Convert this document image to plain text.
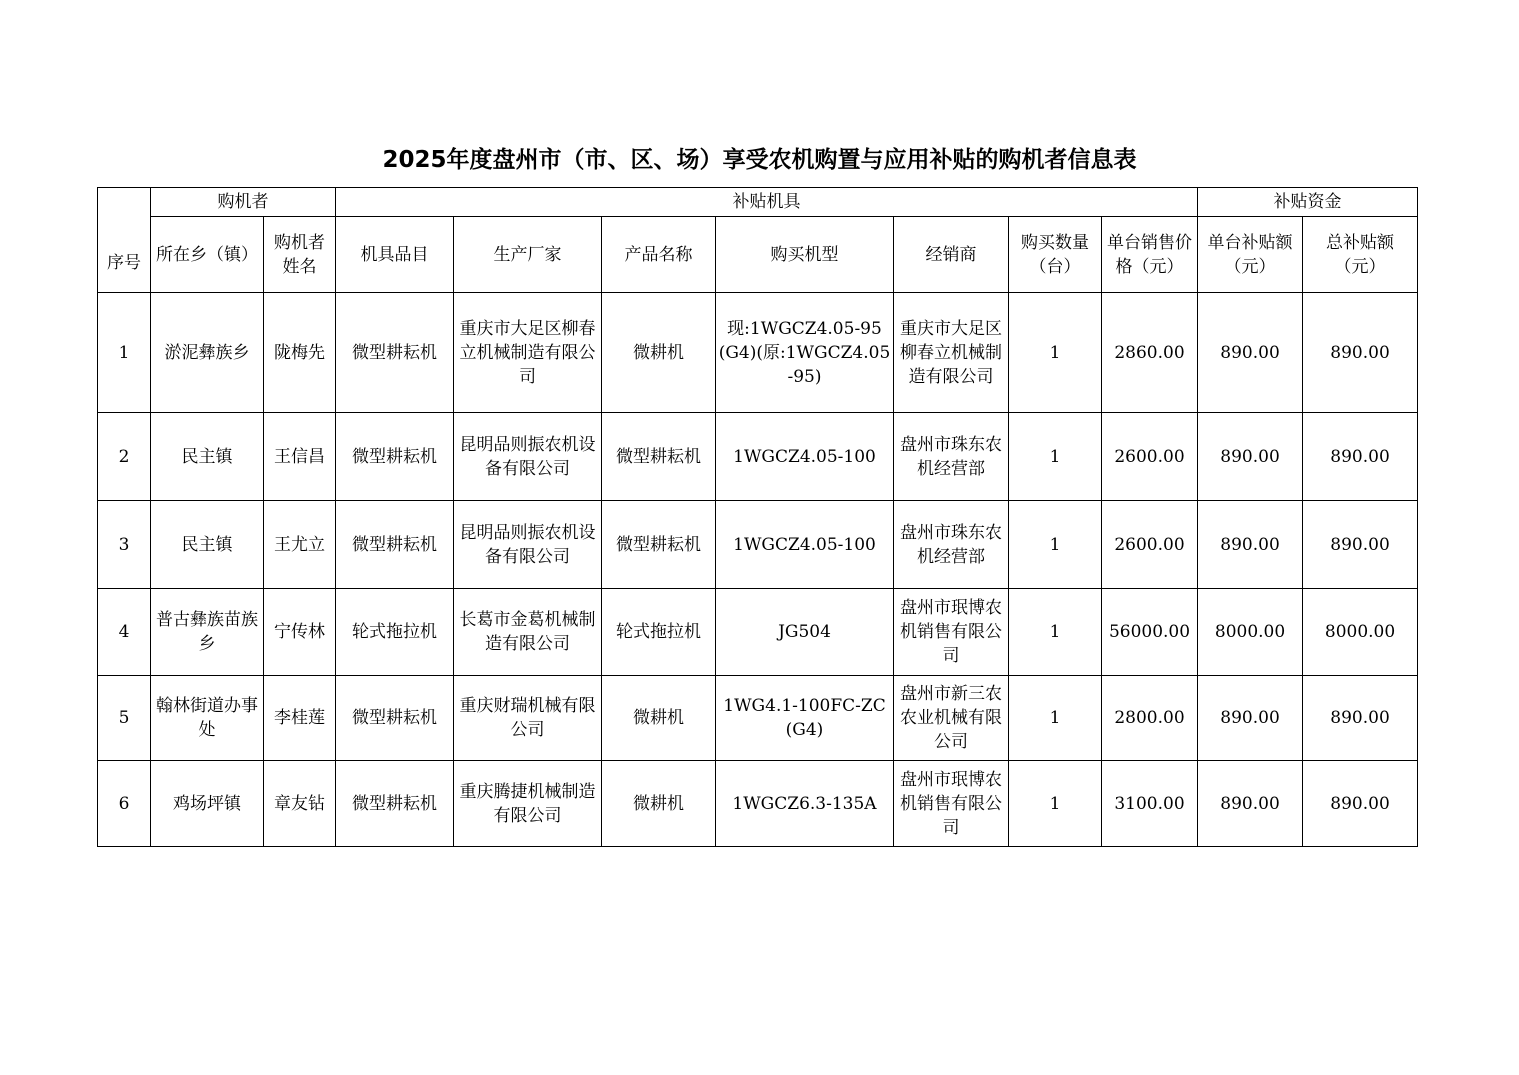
2025年度盘州市（市、区、场）享受农机购置与应用补贴的购机者信息表
序号	购机者		补贴机具							补贴资金	
	所在乡（镇）	购机者姓名	机具品目	生产厂家	产品名称	购买机型	经销商	购买数量（台）	单台销售价格（元）	单台补贴额（元）	总补贴额（元）
1	淤泥彝族乡	陇梅先	微型耕耘机	重庆市大足区柳春立机械制造有限公司	微耕机	现:1WGCZ4.05-95(G4)(原:1WGCZ4.05-95)	重庆市大足区柳春立机械制造有限公司	1	2860.00	890.00	890.00
2	民主镇	王信昌	微型耕耘机	昆明品则振农机设备有限公司	微型耕耘机	1WGCZ4.05-100	盘州市珠东农机经营部	1	2600.00	890.00	890.00
3	民主镇	王尤立	微型耕耘机	昆明品则振农机设备有限公司	微型耕耘机	1WGCZ4.05-100	盘州市珠东农机经营部	1	2600.00	890.00	890.00
4	普古彝族苗族乡	宁传林	轮式拖拉机	长葛市金葛机械制造有限公司	轮式拖拉机	JG504	盘州市珉博农机销售有限公司	1	56000.00	8000.00	8000.00
5	翰林街道办事处	李桂莲	微型耕耘机	重庆财瑞机械有限公司	微耕机	1WG4.1-100FC-ZC(G4)	盘州市新三农农业机械有限公司	1	2800.00	890.00	890.00
6	鸡场坪镇	章友钻	微型耕耘机	重庆腾捷机械制造有限公司	微耕机	1WGCZ6.3-135A	盘州市珉博农机销售有限公司	1	3100.00	890.00	890.00
